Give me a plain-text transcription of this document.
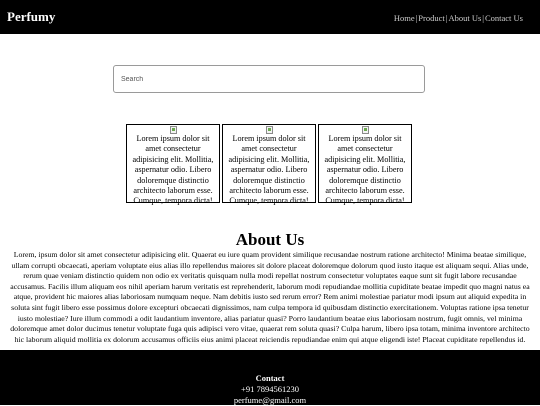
Perfumy	Home|Product|About Us|Contact Us
Search
Lorem ipsum dolor sit amet consectetur adipisicing elit. Mollitia, aspernatur odio. Libero doloremque distinctio architecto laborum esse. Cumque, tempora dicta!
Lorem ipsum dolor sit amet consectetur adipisicing elit. Mollitia, aspernatur odio. Libero doloremque distinctio architecto laborum esse. Cumque, tempora dicta!
Lorem ipsum dolor sit amet consectetur adipisicing elit. Mollitia, aspernatur odio. Libero doloremque distinctio architecto laborum esse. Cumque, tempora dicta!
About Us
Lorem, ipsum dolor sit amet consectetur adipisicing elit. Quaerat eu iure quam provident similique recusandae nostrum ratione architecto! Minima beatae similique, ullam corrupti obcaecati, aperiam voluptate eius alias illo repellendus maiores sit dolore placeat doloremque dolorum quod iusto itaque est aliquam sequi. Alias unde, rerum quae veniam distinctio quidem non odio ex veritatis quisquam nulla modi repellat nostrum consectetur voluptates eaque sunt sit fugit labore recusandae accusamus. Facilis illum aliquam eos nihil aperiam harum veritatis est reprehenderit, laborum modi repudiandae mollitia cupiditate beatae impedit quo magni natus ea atque, provident hic maiores alias laboriosam numquam neque. Nam debitis iusto sed rerum error? Rem animi molestiae pariatur modi ipsum aut aliquid expedita in soluta sint fugit libero esse possimus dolore excepturi obcaecati dignissimos, nam culpa tempora id quibusdam distinctio exercitationem. Voluptas ratione ipsa tenetur iusto molestiae? Iure illum commodi a odit laudantium inventore, alias pariatur quasi? Porro laudantium beatae eius laboriosam nostrum, fugit omnis, vel minima doloremque amet dolor ducimus tenetur voluptate fuga quis adipisci vero vitae, quaerat rem soluta quasi? Culpa harum, libero ipsa totam, minima inventore architecto hic laborum aliquid mollitia ex dolorum accusamus officiis eius animi placeat reiciendis repudiandae enim qui atque eligendi iste! Placeat cupiditate repellendus id.
Contact
+91 7894561230
perfume@gmail.com
